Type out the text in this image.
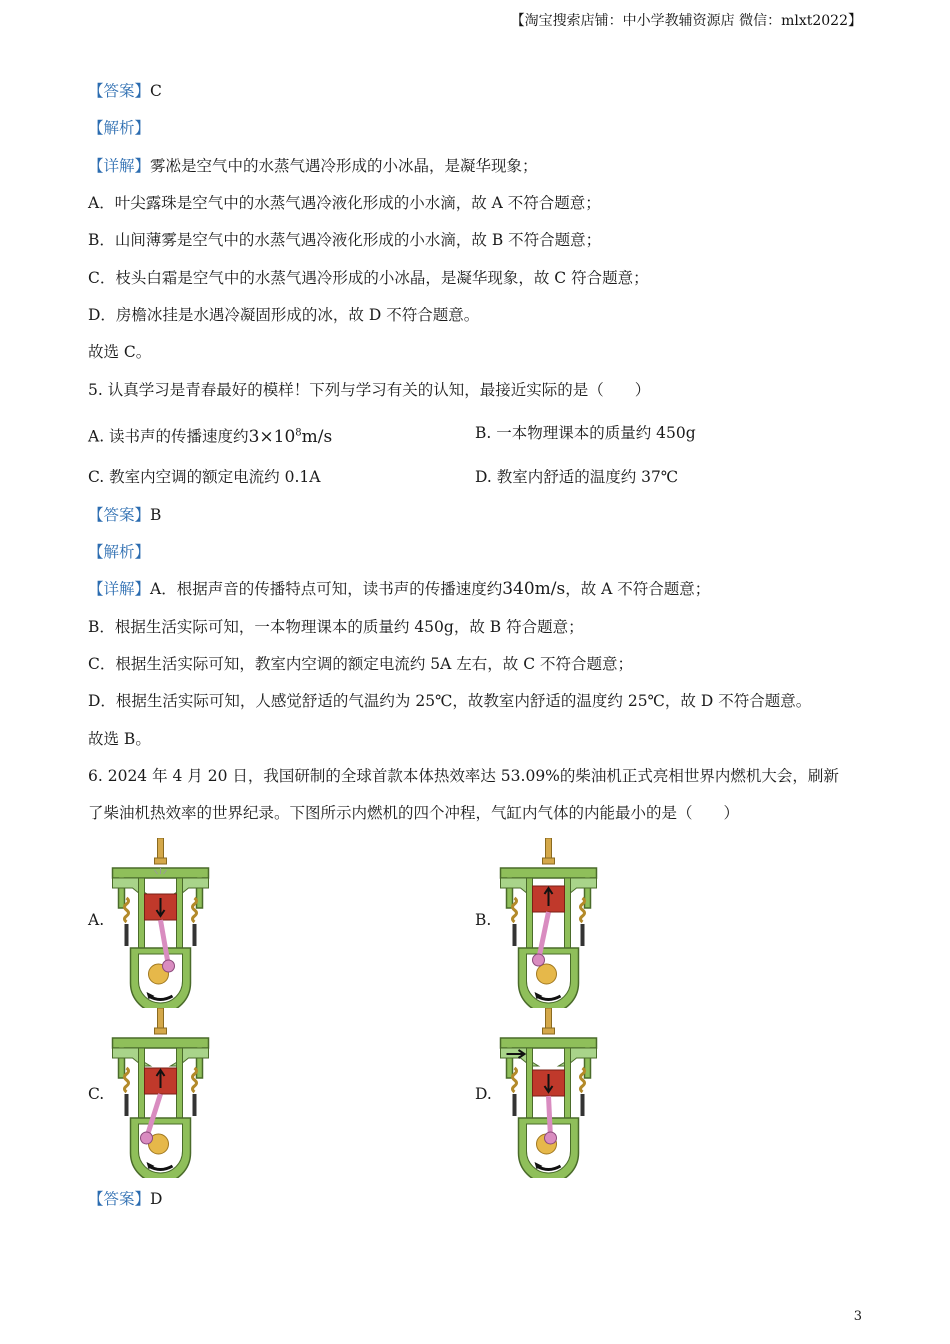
【淘宝搜索店铺：中小学教辅资源店 微信：mlxt2022】
【答案】C
【解析】
【详解】雾凇是空气中的水蒸气遇冷形成的小冰晶，是凝华现象；
A．叶尖露珠是空气中的水蒸气遇冷液化形成的小水滴，故 A 不符合题意；
B．山间薄雾是空气中的水蒸气遇冷液化形成的小水滴，故 B 不符合题意；
C．枝头白霜是空气中的水蒸气遇冷形成的小冰晶，是凝华现象，故 C 符合题意；
D．房檐冰挂是水遇冷凝固形成的冰，故 D 不符合题意。
故选 C。
5. 认真学习是青春最好的模样！下列与学习有关的认知，最接近实际的是（　　）
A. 读书声的传播速度约$3\times 10^8m/s$	B. 一本物理课本的质量约 450g
C. 教室内空调的额定电流约 0.1A	D. 教室内舒适的温度约 37℃
【答案】B
【解析】
【详解】A．根据声音的传播特点可知，读书声的传播速度约340m/s，故 A 不符合题意；
B．根据生活实际可知，一本物理课本的质量约 450g，故 B 符合题意；
C．根据生活实际可知，教室内空调的额定电流约 5A 左右，故 C 不符合题意；
D．根据生活实际可知，人感觉舒适的气温约为 25℃，故教室内舒适的温度约 25℃，故 D 不符合题意。
故选 B。
6. 2024 年 4 月 20 日，我国研制的全球首款本体热效率达 53.09%的柴油机正式亮相世界内燃机大会，刷新
了柴油机热效率的世界纪录。下图所示内燃机的四个冲程，气缸内气体的内能最小的是（　　）
A.	B.
C.	D.
【答案】D
3
